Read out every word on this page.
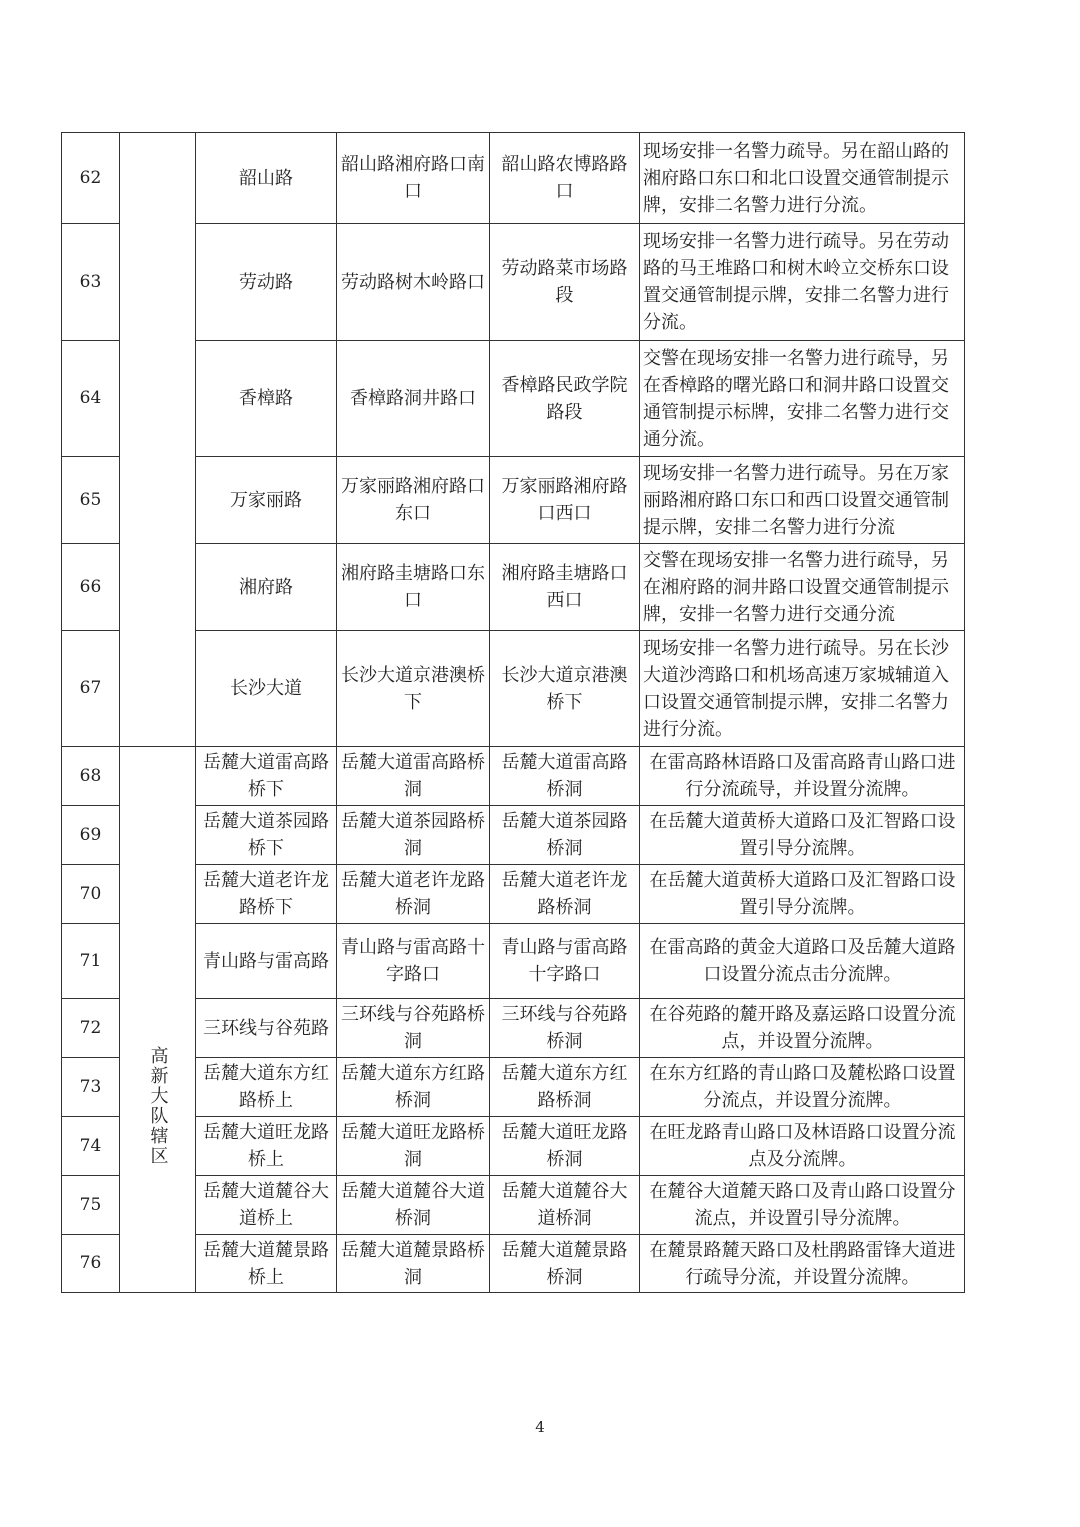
62		韶山路	韶山路湘府路口南口	韶山路农博路路口	现场安排一名警力疏导。另在韶山路的湘府路口东口和北口设置交通管制提示牌，安排二名警力进行分流。
63		劳动路	劳动路树木岭路口	劳动路菜市场路段	现场安排一名警力进行疏导。另在劳动路的马王堆路口和树木岭立交桥东口设置交通管制提示牌，安排二名警力进行分流。
64		香樟路	香樟路洞井路口	香樟路民政学院路段	交警在现场安排一名警力进行疏导，另在香樟路的曙光路口和洞井路口设置交通管制提示标牌，安排二名警力进行交通分流。
65		万家丽路	万家丽路湘府路口东口	万家丽路湘府路口西口	现场安排一名警力进行疏导。另在万家丽路湘府路口东口和西口设置交通管制提示牌，安排二名警力进行分流
66		湘府路	湘府路圭塘路口东口	湘府路圭塘路口西口	交警在现场安排一名警力进行疏导，另在湘府路的洞井路口设置交通管制提示牌，安排一名警力进行交通分流
67		长沙大道	长沙大道京港澳桥下	长沙大道京港澳桥下	现场安排一名警力进行疏导。另在长沙大道沙湾路口和机场高速万家城辅道入口设置交通管制提示牌，安排二名警力进行分流。
68	高新大队辖区	岳麓大道雷高路桥下	岳麓大道雷高路桥洞	岳麓大道雷高路桥洞	在雷高路林语路口及雷高路青山路口进行分流疏导，并设置分流牌。
69		岳麓大道茶园路桥下	岳麓大道茶园路桥洞	岳麓大道茶园路桥洞	在岳麓大道黄桥大道路口及汇智路口设置引导分流牌。
70		岳麓大道老许龙路桥下	岳麓大道老许龙路桥洞	岳麓大道老许龙路桥洞	在岳麓大道黄桥大道路口及汇智路口设置引导分流牌。
71		青山路与雷高路	青山路与雷高路十字路口	青山路与雷高路十字路口	在雷高路的黄金大道路口及岳麓大道路口设置分流点击分流牌。
72		三环线与谷苑路	三环线与谷苑路桥洞	三环线与谷苑路桥洞	在谷苑路的麓开路及嘉运路口设置分流点，并设置分流牌。
73		岳麓大道东方红路桥上	岳麓大道东方红路桥洞	岳麓大道东方红路桥洞	在东方红路的青山路口及麓松路口设置分流点，并设置分流牌。
74		岳麓大道旺龙路桥上	岳麓大道旺龙路桥洞	岳麓大道旺龙路桥洞	在旺龙路青山路口及林语路口设置分流点及分流牌。
75		岳麓大道麓谷大道桥上	岳麓大道麓谷大道桥洞	岳麓大道麓谷大道桥洞	在麓谷大道麓天路口及青山路口设置分流点，并设置引导分流牌。
76		岳麓大道麓景路桥上	岳麓大道麓景路桥洞	岳麓大道麓景路桥洞	在麓景路麓天路口及杜鹃路雷锋大道进行疏导分流，并设置分流牌。
4
